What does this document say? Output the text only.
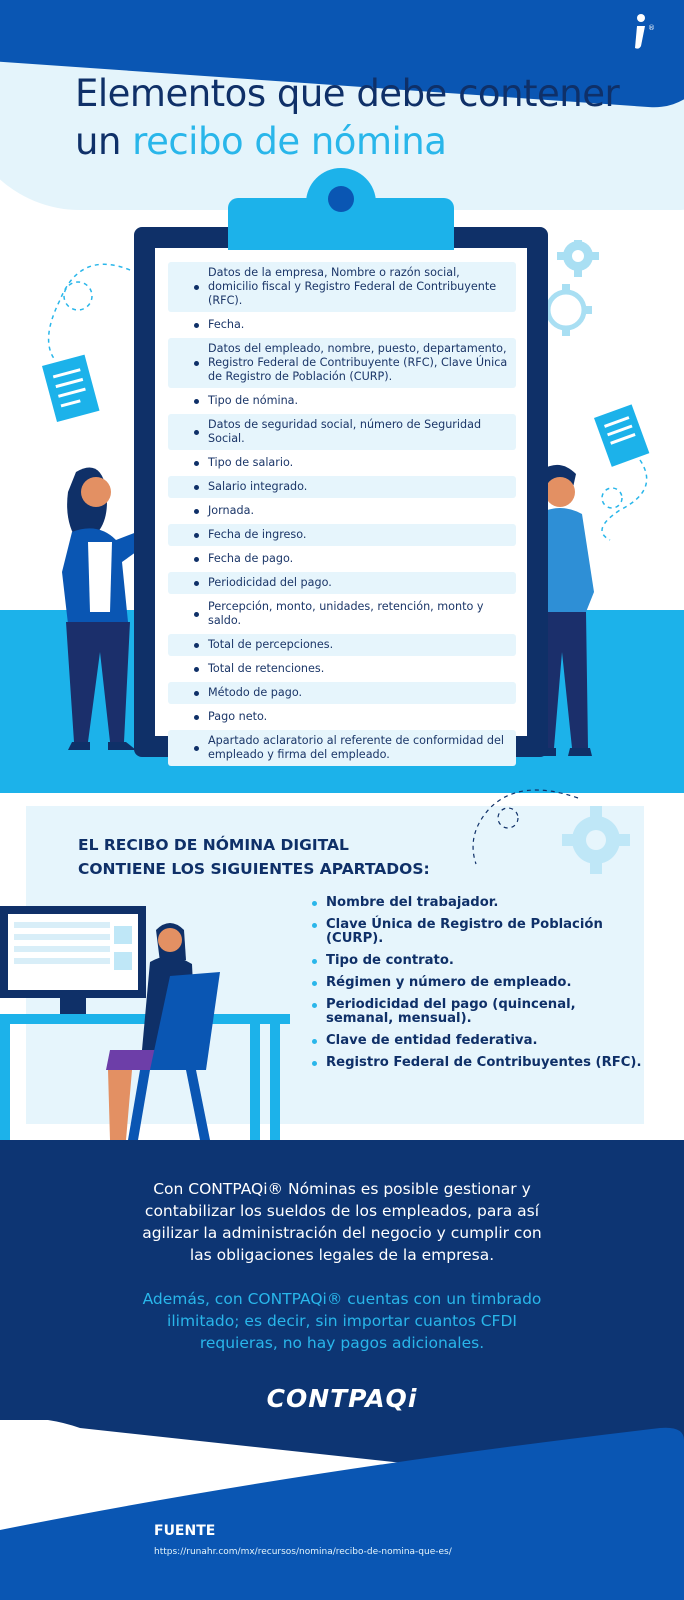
®
Elementos que debe contener
un recibo de nómina
Datos de la empresa, Nombre o razón social, domicilio fiscal y Registro Federal de Contribuyente (RFC).
Fecha.
Datos del empleado, nombre, puesto, departamento, Registro Federal de Contribuyente (RFC), Clave Única de Registro de Población (CURP).
Tipo de nómina.
Datos de seguridad social, número de Seguridad Social.
Tipo de salario.
Salario integrado.
Jornada.
Fecha de ingreso.
Fecha de pago.
Periodicidad del pago.
Percepción, monto, unidades, retención, monto y saldo.
Total de percepciones.
Total de retenciones.
Método de pago.
Pago neto.
Apartado aclaratorio al referente de conformidad del empleado y firma del empleado.
EL RECIBO DE NÓMINA DIGITAL CONTIENE LOS SIGUIENTES APARTADOS:
Nombre del trabajador.
Clave Única de Registro de Población (CURP).
Tipo de contrato.
Régimen y número de empleado.
Periodicidad del pago (quincenal, semanal, mensual).
Clave de entidad federativa.
Registro Federal de Contribuyentes (RFC).
Con CONTPAQi® Nóminas es posible gestionar y contabilizar los sueldos de los empleados, para así agilizar la administración del negocio y cumplir con las obligaciones legales de la empresa.
Además, con CONTPAQi® cuentas con un timbrado ilimitado; es decir, sin importar cuantos CFDI requieras, no hay pagos adicionales.
CONTPAQi
FUENTE
https://runahr.com/mx/recursos/nomina/recibo-de-nomina-que-es/
